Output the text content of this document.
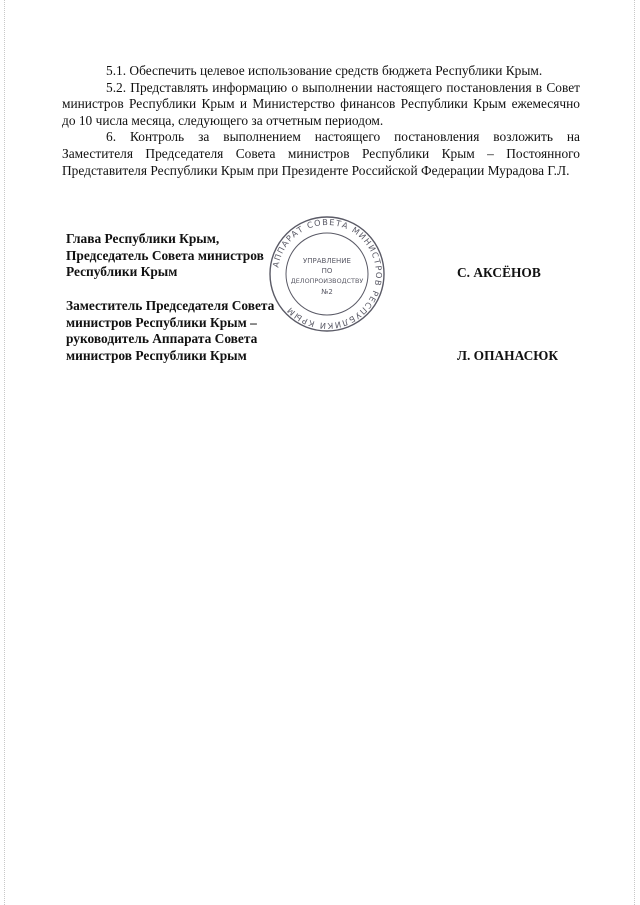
5.1. Обеспечить целевое использование средств бюджета Республики Крым.

5.2. Представлять информацию о выполнении настоящего постановления в Совет министров Республики Крым и Министерство финансов Республики Крым ежемесячно до 10 числа месяца, следующего за отчетным периодом.

6. Контроль за выполнением настоящего постановления возложить на Заместителя Председателя Совета министров Республики Крым – Постоянного Представителя Республики Крым при Президенте Российской Федерации Мурадова Г.Л.

Глава Республики Крым,
Председатель Совета министров
Республики Крым	С. АКСЁНОВ
Заместитель Председателя Совета
министров Республики Крым –
руководитель Аппарата Совета
министров Республики Крым	Л. ОПАНАСЮК
АППАРАТ СОВЕТА МИНИСТРОВ РЕСПУБЛИКИ КРЫМ
УПРАВЛЕНИЕ
ПО
ДЕЛОПРОИЗВОДСТВУ
№2
